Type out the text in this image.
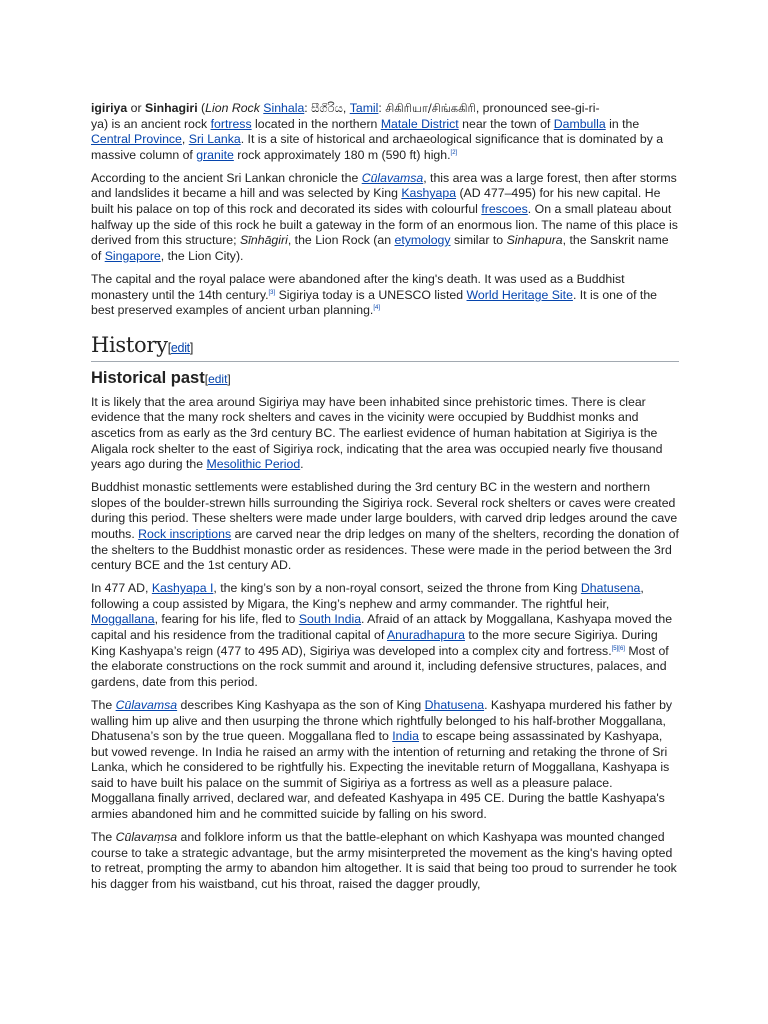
igiriya or Sinhagiri (Lion Rock Sinhala: සීගිරිය, Tamil: சிகிரியா/சிங்ககிரி, pronounced see-gi-ri-

ya) is an ancient rock fortress located in the northern Matale District near the town of Dambulla in the Central Province, Sri Lanka. It is a site of historical and archaeological significance that is dominated by a massive column of granite rock approximately 180 m (590 ft) high.[2]

According to the ancient Sri Lankan chronicle the Cūlavamsa, this area was a large forest, then after storms and landslides it became a hill and was selected by King Kashyapa (AD 477–495) for his new capital. He built his palace on top of this rock and decorated its sides with colourful frescoes. On a small plateau about halfway up the side of this rock he built a gateway in the form of an enormous lion. The name of this place is derived from this structure; Sīnhāgiri, the Lion Rock (an etymology similar to Sinhapura, the Sanskrit name of Singapore, the Lion City).

The capital and the royal palace were abandoned after the king's death. It was used as a Buddhist monastery until the 14th century.[3] Sigiriya today is a UNESCO listed World Heritage Site. It is one of the best preserved examples of ancient urban planning.[4]

History[edit]
Historical past[edit]

It is likely that the area around Sigiriya may have been inhabited since prehistoric times. There is clear evidence that the many rock shelters and caves in the vicinity were occupied by Buddhist monks and ascetics from as early as the 3rd century BC. The earliest evidence of human habitation at Sigiriya is the Aligala rock shelter to the east of Sigiriya rock, indicating that the area was occupied nearly five thousand years ago during the Mesolithic Period.

Buddhist monastic settlements were established during the 3rd century BC in the western and northern slopes of the boulder-strewn hills surrounding the Sigiriya rock. Several rock shelters or caves were created during this period. These shelters were made under large boulders, with carved drip ledges around the cave mouths. Rock inscriptions are carved near the drip ledges on many of the shelters, recording the donation of the shelters to the Buddhist monastic order as residences. These were made in the period between the 3rd century BCE and the 1st century AD.

In 477 AD, Kashyapa I, the king’s son by a non-royal consort, seized the throne from King Dhatusena, following a coup assisted by Migara, the King’s nephew and army commander. The rightful heir, Moggallana, fearing for his life, fled to South India. Afraid of an attack by Moggallana, Kashyapa moved the capital and his residence from the traditional capital of Anuradhapura to the more secure Sigiriya. During King Kashyapa’s reign (477 to 495 AD), Sigiriya was developed into a complex city and fortress.[5][6] Most of the elaborate constructions on the rock summit and around it, including defensive structures, palaces, and gardens, date from this period.

The Cūlavamsa describes King Kashyapa as the son of King Dhatusena. Kashyapa murdered his father by walling him up alive and then usurping the throne which rightfully belonged to his half-brother Moggallana, Dhatusena’s son by the true queen. Moggallana fled to India to escape being assassinated by Kashyapa, but vowed revenge. In India he raised an army with the intention of returning and retaking the throne of Sri Lanka, which he considered to be rightfully his. Expecting the inevitable return of Moggallana, Kashyapa is said to have built his palace on the summit of Sigiriya as a fortress as well as a pleasure palace. Moggallana finally arrived, declared war, and defeated Kashyapa in 495 CE. During the battle Kashyapa's armies abandoned him and he committed suicide by falling on his sword.

The Cūlavaṃsa and folklore inform us that the battle-elephant on which Kashyapa was mounted changed course to take a strategic advantage, but the army misinterpreted the movement as the king's having opted to retreat, prompting the army to abandon him altogether. It is said that being too proud to surrender he took his dagger from his waistband, cut his throat, raised the dagger proudly,
